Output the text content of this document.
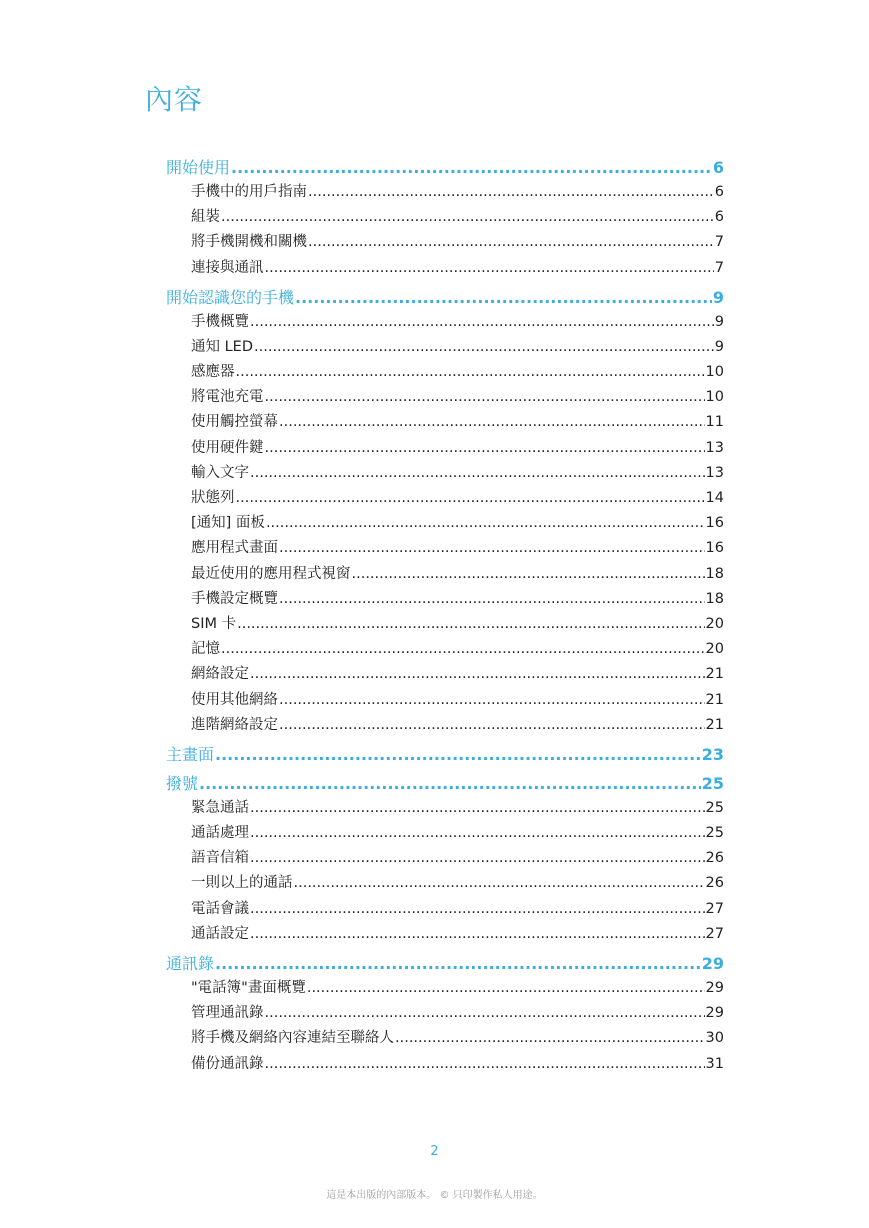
內容
開始使用 .....	6
手機中的用戶指南 .....	6
組裝 .....	6
將手機開機和關機 .....	7
連接與通訊 .....	7
開始認識您的手機 .....	9
手機概覽 .....	9
通知 LED .....	9
感應器 .....	10
將電池充電 .....	10
使用觸控螢幕 .....	11
使用硬件鍵 .....	13
輸入文字 .....	13
狀態列 .....	14
[通知] 面板 .....	16
應用程式畫面 .....	16
最近使用的應用程式視窗 .....	18
手機設定概覽 .....	18
SIM 卡 .....	20
記憶 .....	20
網絡設定 .....	21
使用其他網絡 .....	21
進階網絡設定 .....	21
主畫面 .....	23
撥號 .....	25
緊急通話 .....	25
通話處理 .....	25
語音信箱 .....	26
一則以上的通話 .....	26
電話會議 .....	27
通話設定 .....	27
通訊錄 .....	29
"電話簿"畫面概覽 .....	29
管理通訊錄 .....	29
將手機及網絡內容連結至聯絡人 .....	30
備份通訊錄 .....	31
2
這是本出版的內部版本。 © 只印製作私人用途。
